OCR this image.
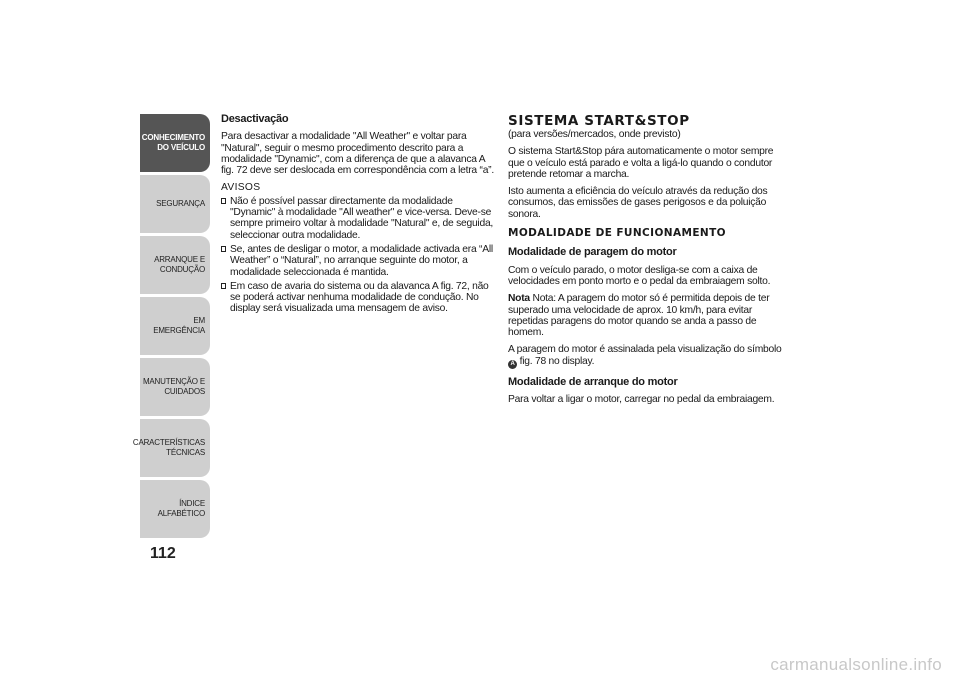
CONHECIMENTO
DO VEÍCULO
SEGURANÇA
ARRANQUE E
CONDUÇÃO
EM EMERGÊNCIA
MANUTENÇÃO E
CUIDADOS
CARACTERÍSTICAS
TÉCNICAS
ÍNDICE ALFABÉTICO
112
Desactivação

Para desactivar a modalidade "All Weather" e voltar para "Natural", seguir o mesmo procedimento descrito para a modalidade "Dynamic", com a diferença de que a alavanca A fig. 72 deve ser deslocada em correspondência com a letra “a”.

AVISOS
Não é possível passar directamente da modalidade "Dynamic" à modalidade "All weather" e vice-versa. Deve-se sempre primeiro voltar à modalidade "Natural" e, de seguida, seleccionar outra modalidade.
Se, antes de desligar o motor, a modalidade activada era “All Weather” o “Natural”, no arranque seguinte do motor, a modalidade seleccionada é mantida.
Em caso de avaria do sistema ou da alavanca A fig. 72, não se poderá activar nenhuma modalidade de condução. No display será visualizada uma mensagem de aviso.
SISTEMA START&STOP

(para versões/mercados, onde previsto)

O sistema Start&Stop pára automaticamente o motor sempre que o veículo está parado e volta a ligá-lo quando o condutor pretende retomar a marcha.

Isto aumenta a eficiência do veículo através da redução dos consumos, das emissões de gases perigosos e da poluição sonora.

MODALIDADE DE FUNCIONAMENTO
Modalidade de paragem do motor

Com o veículo parado, o motor desliga-se com a caixa de velocidades em ponto morto e o pedal da embraiagem solto.

Nota Nota: A paragem do motor só é permitida depois de ter superado uma velocidade de aprox. 10 km/h, para evitar repetidas paragens do motor quando se anda a passo de homem.

A paragem do motor é assinalada pela visualização do símbolo
A fig. 78 no display.

Modalidade de arranque do motor

Para voltar a ligar o motor, carregar no pedal da embraiagem.

carmanualsonline.info
